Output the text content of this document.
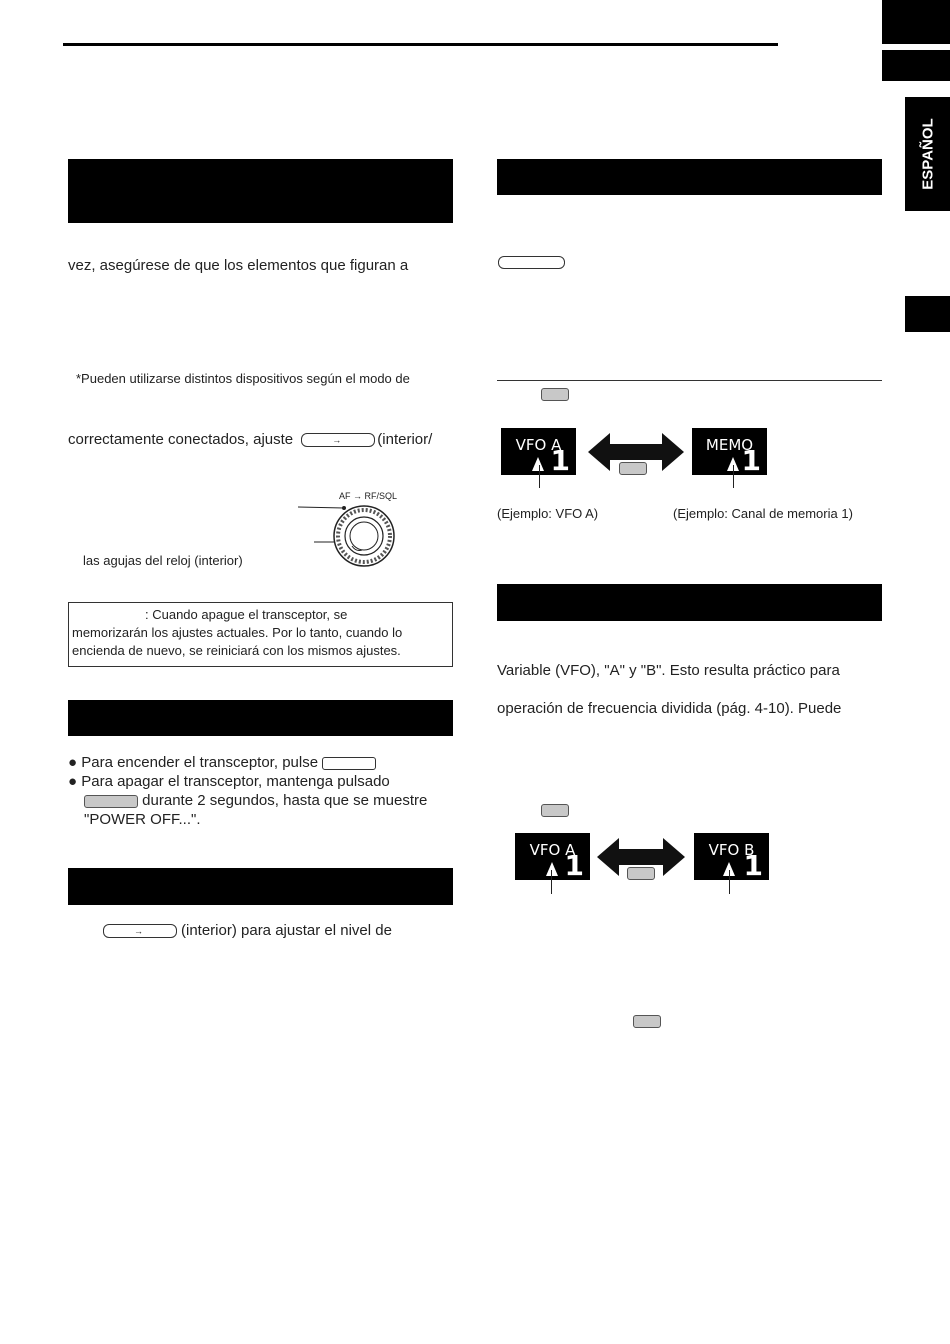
ESPAÑOL
vez, asegúrese de que los elementos que figuran a
*Pueden utilizarse distintos dispositivos según el modo de
correctamente conectados, ajuste →	(interior/
AF → RF/SQL
las agujas del reloj (interior)
: Cuando apague el transceptor, se
memorizarán los ajustes actuales. Por lo tanto, cuando lo
encienda de nuevo, se reiniciará con los mismos ajustes.
● Para encender el transceptor, pulse
● Para apagar el transceptor, mantenga pulsado
durante 2 segundos, hasta que se muestre
"POWER OFF...".
→(interior) para ajustar el nivel de
VFO A
1	MEMO
1
(Ejemplo: VFO A)	(Ejemplo: Canal de memoria 1)
Variable (VFO), "A" y "B". Esto resulta práctico para
operación de frecuencia dividida (pág. 4-10). Puede
VFO A
1	VFO B
1
